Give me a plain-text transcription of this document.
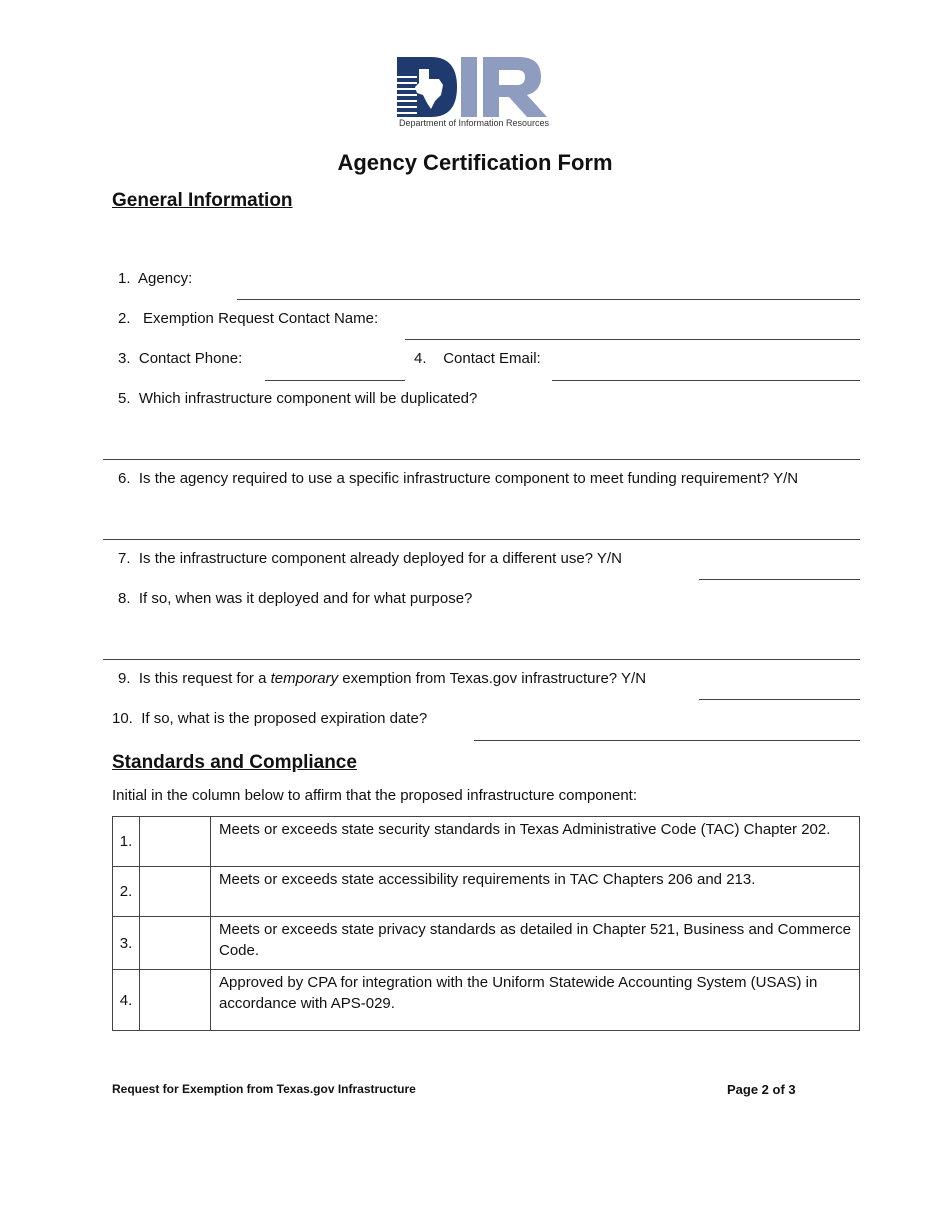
Department of Information Resources
Agency Certification Form
General Information
1. Agency:
2. Exemption Request Contact Name:
3. Contact Phone:	4. Contact Email:
5. Which infrastructure component will be duplicated?
6. Is the agency required to use a specific infrastructure component to meet funding requirement? Y/N
7. Is the infrastructure component already deployed for a different use? Y/N
8. If so, when was it deployed and for what purpose?
9. Is this request for a temporary exemption from Texas.gov infrastructure? Y/N
10. If so, what is the proposed expiration date?
Standards and Compliance
Initial in the column below to affirm that the proposed infrastructure component:
1.		Meets or exceeds state security standards in Texas Administrative Code (TAC) Chapter 202.
2.		Meets or exceeds state accessibility requirements in TAC Chapters 206 and 213.
3.		Meets or exceeds state privacy standards as detailed in Chapter 521, Business and Commerce Code.
4.		Approved by CPA for integration with the Uniform Statewide Accounting System (USAS) in accordance with APS-029.
Request for Exemption from Texas.gov Infrastructure	Page 2 of 3
